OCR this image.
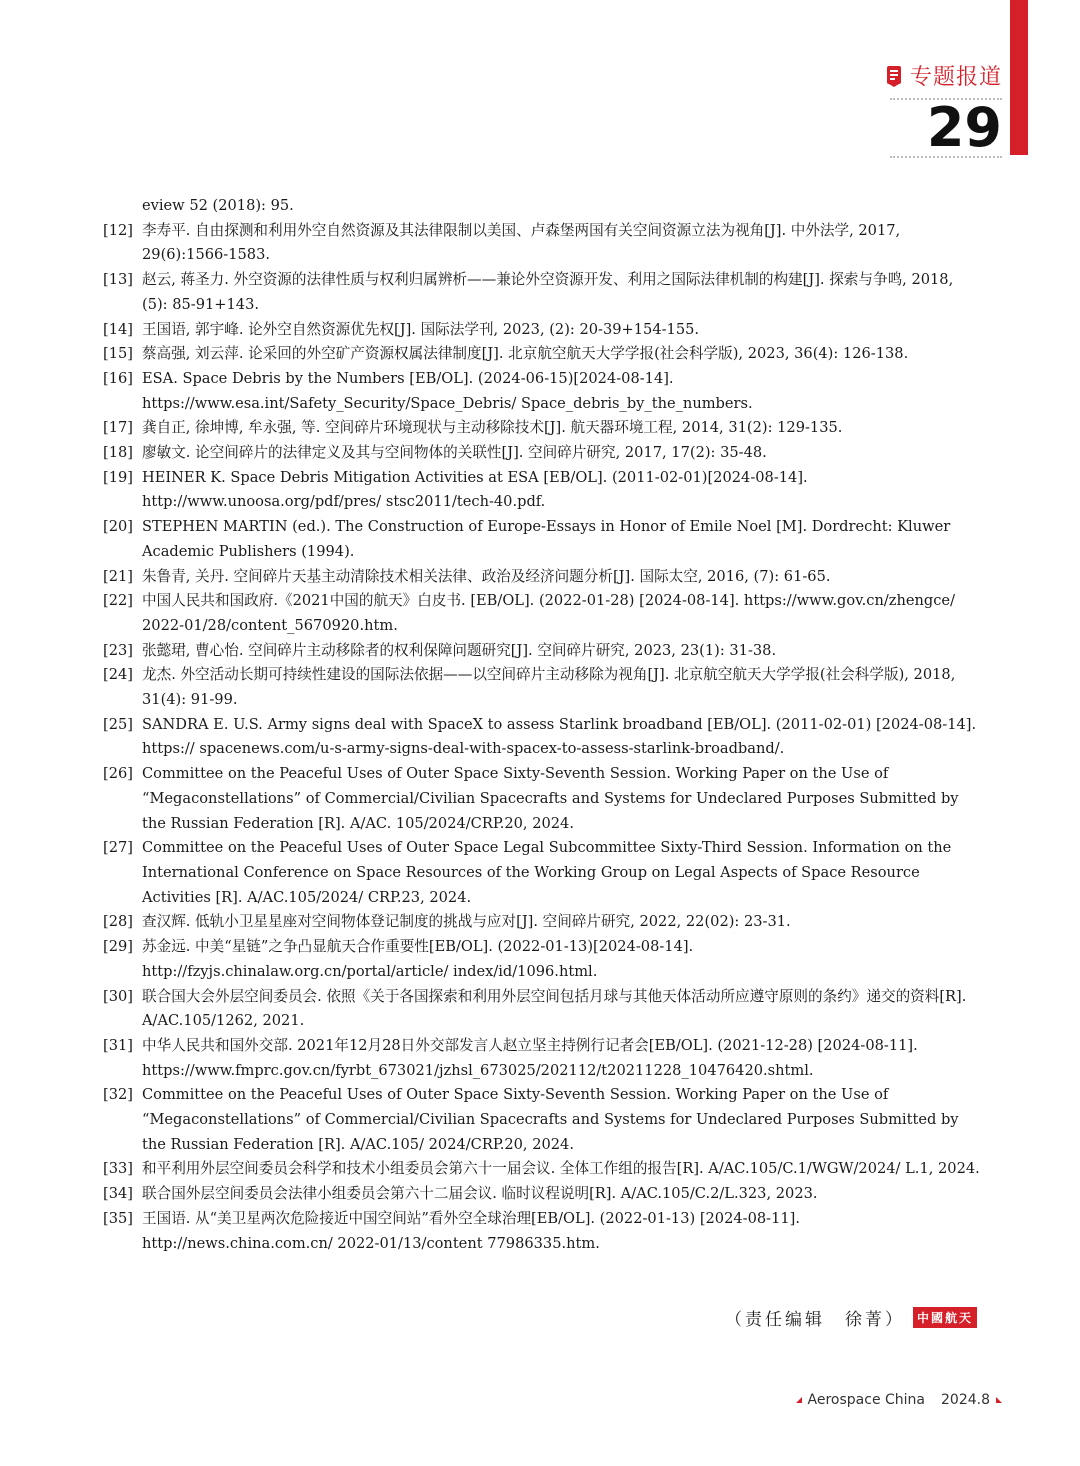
专题报道
29
eview 52 (2018): 95.
[12] 李寿平. 自由探测和利用外空自然资源及其法律限制以美国、卢森堡两国有关空间资源立法为视角[J]. 中外法学, 2017, 29(6):1566-1583.
[13] 赵云, 蒋圣力. 外空资源的法律性质与权利归属辨析——兼论外空资源开发、利用之国际法律机制的构建[J]. 探索与争鸣, 2018, (5): 85-91+143.
[14] 王国语, 郭宇峰. 论外空自然资源优先权[J]. 国际法学刊, 2023, (2): 20-39+154-155.
[15] 蔡高强, 刘云萍. 论采回的外空矿产资源权属法律制度[J]. 北京航空航天大学学报(社会科学版), 2023, 36(4): 126-138.
[16] ESA. Space Debris by the Numbers [EB/OL]. (2024-06-15)[2024-08-14]. https://www.esa.int/Safety_Security/Space_Debris/ Space_debris_by_the_numbers.
[17] 龚自正, 徐坤博, 牟永强, 等. 空间碎片环境现状与主动移除技术[J]. 航天器环境工程, 2014, 31(2): 129-135.
[18] 廖敏文. 论空间碎片的法律定义及其与空间物体的关联性[J]. 空间碎片研究, 2017, 17(2): 35-48.
[19] HEINER K. Space Debris Mitigation Activities at ESA [EB/OL]. (2011-02-01)[2024-08-14]. http://www.unoosa.org/pdf/pres/ stsc2011/tech-40.pdf.
[20] STEPHEN MARTIN (ed.). The Construction of Europe-Essays in Honor of Emile Noel [M]. Dordrecht: Kluwer Academic Publishers (1994).
[21] 朱鲁青, 关丹. 空间碎片天基主动清除技术相关法律、政治及经济问题分析[J]. 国际太空, 2016, (7): 61-65.
[22] 中国人民共和国政府.《2021中国的航天》白皮书. [EB/OL]. (2022-01-28) [2024-08-14]. https://www.gov.cn/zhengce/ 2022-01/28/content_5670920.htm.
[23] 张懿珺, 曹心怡. 空间碎片主动移除者的权利保障问题研究[J]. 空间碎片研究, 2023, 23(1): 31-38.
[24] 龙杰. 外空活动长期可持续性建设的国际法依据——以空间碎片主动移除为视角[J]. 北京航空航天大学学报(社会科学版), 2018, 31(4): 91-99.
[25] SANDRA E. U.S. Army signs deal with SpaceX to assess Starlink broadband [EB/OL]. (2011-02-01) [2024-08-14]. https:// spacenews.com/u-s-army-signs-deal-with-spacex-to-assess-starlink-broadband/.
[26] Committee on the Peaceful Uses of Outer Space Sixty-Seventh Session. Working Paper on the Use of “Megaconstellations” of Commercial/Civilian Spacecrafts and Systems for Undeclared Purposes Submitted by the Russian Federation [R]. A/AC. 105/2024/CRP.20, 2024.
[27] Committee on the Peaceful Uses of Outer Space Legal Subcommittee Sixty-Third Session. Information on the International Conference on Space Resources of the Working Group on Legal Aspects of Space Resource Activities [R]. A/AC.105/2024/ CRP.23, 2024.
[28] 查汉辉. 低轨小卫星星座对空间物体登记制度的挑战与应对[J]. 空间碎片研究, 2022, 22(02): 23-31.
[29] 苏金远. 中美“星链”之争凸显航天合作重要性[EB/OL]. (2022-01-13)[2024-08-14]. http://fzyjs.chinalaw.org.cn/portal/article/ index/id/1096.html.
[30] 联合国大会外层空间委员会. 依照《关于各国探索和利用外层空间包括月球与其他天体活动所应遵守原则的条约》递交的资料[R]. A/AC.105/1262, 2021.
[31] 中华人民共和国外交部. 2021年12月28日外交部发言人赵立坚主持例行记者会[EB/OL]. (2021-12-28) [2024-08-11]. https://www.fmprc.gov.cn/fyrbt_673021/jzhsl_673025/202112/t20211228_10476420.shtml.
[32] Committee on the Peaceful Uses of Outer Space Sixty-Seventh Session. Working Paper on the Use of “Megaconstellations” of Commercial/Civilian Spacecrafts and Systems for Undeclared Purposes Submitted by the Russian Federation [R]. A/AC.105/ 2024/CRP.20, 2024.
[33] 和平利用外层空间委员会科学和技术小组委员会第六十一届会议. 全体工作组的报告[R]. A/AC.105/C.1/WGW/2024/ L.1, 2024.
[34] 联合国外层空间委员会法律小组委员会第六十二届会议. 临时议程说明[R]. A/AC.105/C.2/L.323, 2023.
[35] 王国语. 从“美卫星两次危险接近中国空间站”看外空全球治理[EB/OL]. (2022-01-13) [2024-08-11]. http://news.china.com.cn/ 2022-01/13/content 77986335.htm.
（责任编辑　徐菁）	中國航天
Aerospace China 2024.8
